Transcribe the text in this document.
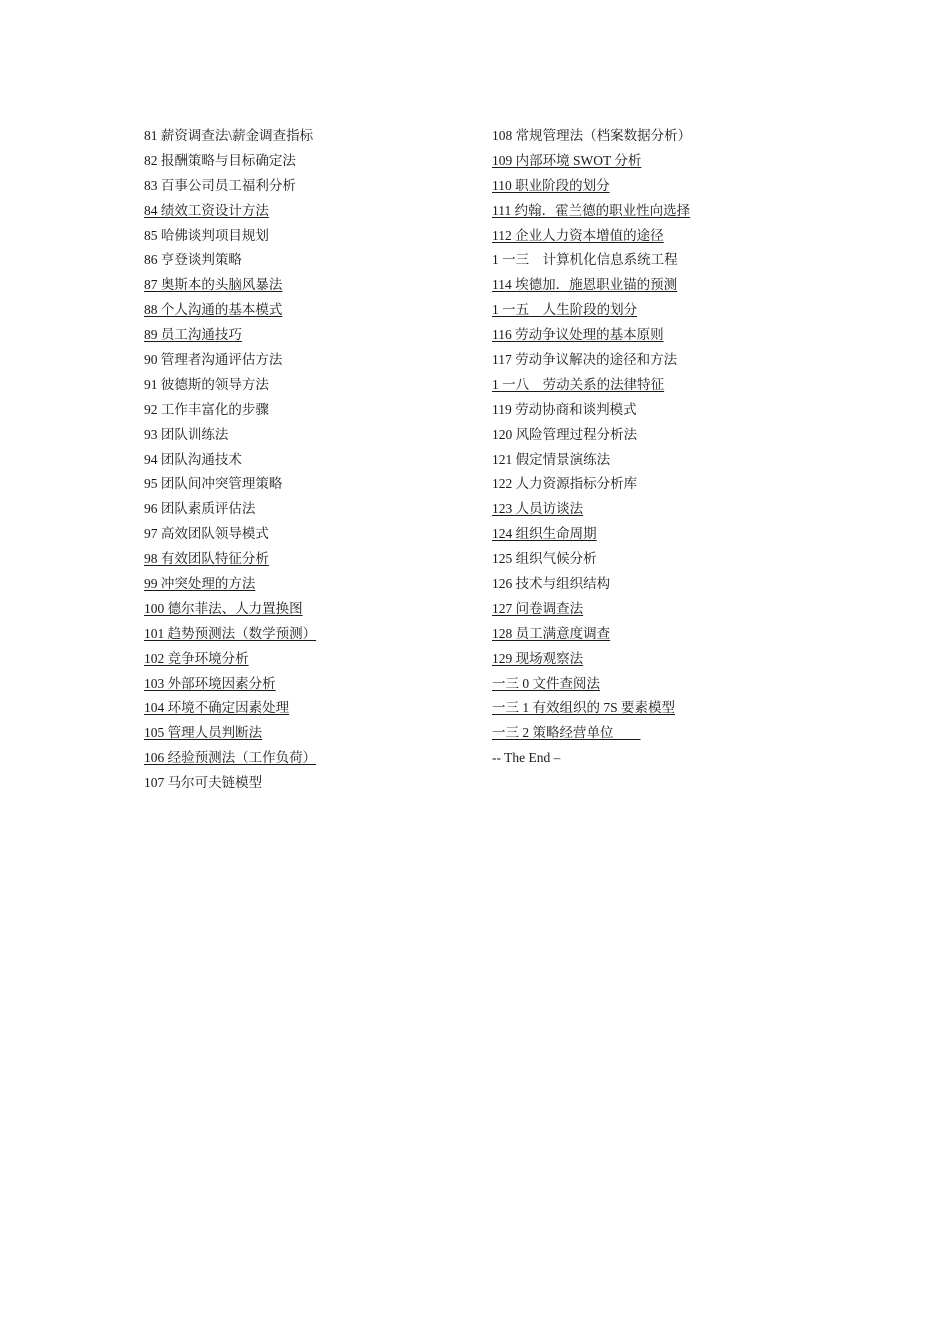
81 薪资调查法\薪金调查指标
82 报酬策略与目标确定法
83 百事公司员工福利分析
84 绩效工资设计方法
85 哈佛谈判项目规划
86 亨登谈判策略
87 奥斯本的头脑风暴法
88 个人沟通的基本模式
89 员工沟通技巧
90 管理者沟通评估方法
91 彼德斯的领导方法
92 工作丰富化的步骤
93 团队训练法
94 团队沟通技术
95 团队间冲突管理策略
96 团队素质评估法
97 高效团队领导模式
98 有效团队特征分析
99 冲突处理的方法
100 德尔菲法、人力置换图
101 趋势预测法（数学预测）
102 竞争环境分析
103 外部环境因素分析
104 环境不确定因素处理
105 管理人员判断法
106 经验预测法（工作负荷）
107 马尔可夫链模型
108 常规管理法（档案数据分析）
109 内部环境 SWOT 分析
110 职业阶段的划分
111 约翰．霍兰德的职业性向选择
112 企业人力资本增值的途径
1 一三　计算机化信息系统工程
114 埃德加．施恩职业锚的预测
1 一五　人生阶段的划分
116 劳动争议处理的基本原则
117 劳动争议解决的途径和方法
1 一八　劳动关系的法律特征
119 劳动协商和谈判模式
120 风险管理过程分析法
121 假定情景演练法
122 人力资源指标分析库
123 人员访谈法
124 组织生命周期
125 组织气候分析
126 技术与组织结构
127 问卷调查法
128 员工满意度调查
129 现场观察法
一三 0 文件查阅法
一三 1 有效组织的 7S 要素模型
一三 2 策略经营单位　　
-- The End –
